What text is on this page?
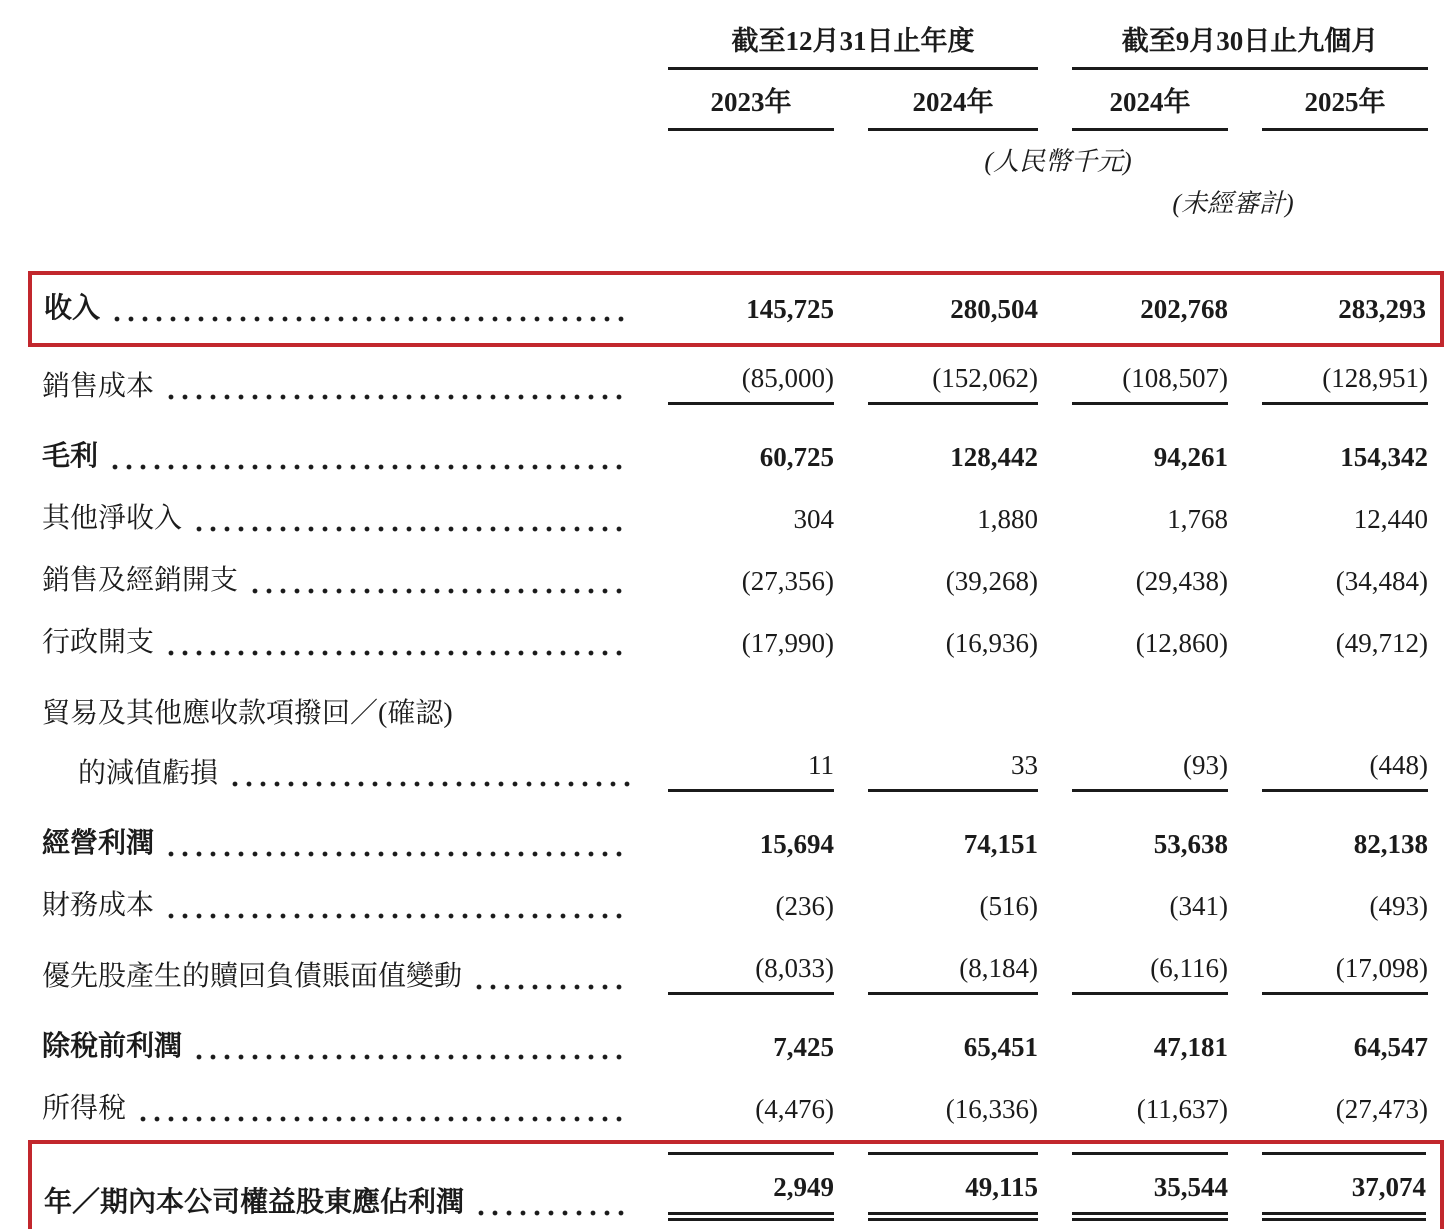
	截至12月31日止年度		截至9月30日止九個月	

	2023年	2024年	2024年	2025年

	(人民幣千元)			

			(未經審計)	

收入	145,725	280,504	202,768	283,293

銷售成本	(85,000)	(152,062)	(108,507)	(128,951)

毛利	60,725	128,442	94,261	154,342

其他淨收入	304	1,880	1,768	12,440

銷售及經銷開支	(27,356)	(39,268)	(29,438)	(34,484)

行政開支	(17,990)	(16,936)	(12,860)	(49,712)

貿易及其他應收款項撥回／(確認)				

的減值虧損	11	33	(93)	(448)

經營利潤	15,694	74,151	53,638	82,138

財務成本	(236)	(516)	(341)	(493)

優先股產生的贖回負債賬面值變動	(8,033)	(8,184)	(6,116)	(17,098)

除稅前利潤	7,425	65,451	47,181	64,547

所得稅	(4,476)	(16,336)	(11,637)	(27,473)

年／期內本公司權益股東應佔利潤	2,949	49,115	35,544	37,074
